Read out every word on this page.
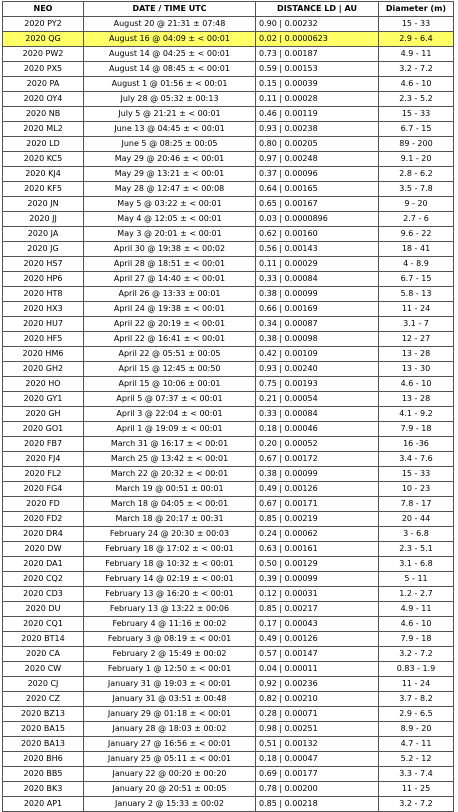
NEO	DATE / TIME UTC	DISTANCE LD | AU	Diameter (m)
2020 PY2	August 20 @ 21:31 ± 07:48	0.90 | 0.00232	15 - 33
2020 QG	August 16 @ 04:09 ± < 00:01	0.02 | 0.0000623	2.9 - 6.4
2020 PW2	August 14 @ 04:25 ± < 00:01	0.73 | 0.00187	4.9 - 11
2020 PX5	August 14 @ 08:45 ± < 00:01	0.59 | 0.00153	3.2 - 7.2
2020 PA	August 1 @ 01:56 ± < 00:01	0.15 | 0.00039	4.6 - 10
2020 OY4	July 28 @ 05:32 ± 00:13	0.11 | 0.00028	2.3 - 5.2
2020 NB	July 5 @ 21:21 ± < 00:01	0.46 | 0.00119	15 - 33
2020 ML2	June 13 @ 04:45 ± < 00:01	0.93 | 0.00238	6.7 - 15
2020 LD	June 5 @ 08:25 ± 00:05	0.80 | 0.00205	89 - 200
2020 KC5	May 29 @ 20:46 ± < 00:01	0.97 | 0.00248	9.1 - 20
2020 KJ4	May 29 @ 13:21 ± < 00:01	0.37 | 0.00096	2.8 - 6.2
2020 KF5	May 28 @ 12:47 ± < 00:08	0.64 | 0.00165	3.5 - 7.8
2020 JN	May 5 @ 03:22 ± < 00:01	0.65 | 0.00167	9 - 20
2020 JJ	May 4 @ 12:05 ± < 00:01	0.03 | 0.0000896	2.7 - 6
2020 JA	May 3 @ 20:01 ± < 00:01	0.62 | 0.00160	9.6 - 22
2020 JG	April 30 @ 19:38 ± < 00:02	0.56 | 0.00143	18 - 41
2020 HS7	April 28 @ 18:51 ± < 00:01	0.11 | 0.00029	4 - 8.9
2020 HP6	April 27 @ 14:40 ± < 00:01	0.33 | 0.00084	6.7 - 15
2020 HT8	April 26 @ 13:33 ± 00:01	0.38 | 0.00099	5.8 - 13
2020 HX3	April 24 @ 19:38 ± < 00:01	0.66 | 0.00169	11 - 24
2020 HU7	April 22 @ 20:19 ± < 00:01	0.34 | 0.00087	3.1 - 7
2020 HF5	April 22 @ 16:41 ± < 00:01	0.38 | 0.00098	12 - 27
2020 HM6	April 22 @ 05:51 ± 00:05	0.42 | 0.00109	13 - 28
2020 GH2	April 15 @ 12:45 ± 00:50	0.93 | 0.00240	13 - 30
2020 HO	April 15 @ 10:06 ± 00:01	0.75 | 0.00193	4.6 - 10
2020 GY1	April 5 @ 07:37 ± < 00:01	0.21 | 0.00054	13 - 28
2020 GH	April 3 @ 22:04 ± < 00:01	0.33 | 0.00084	4.1 - 9.2
2020 GO1	April 1 @ 19:09 ± < 00:01	0.18 | 0.00046	7.9 - 18
2020 FB7	March 31 @ 16:17 ± < 00:01	0.20 | 0.00052	16 -36
2020 FJ4	March 25 @ 13:42 ± < 00:01	0.67 | 0.00172	3.4 - 7.6
2020 FL2	March 22 @ 20:32 ± < 00:01	0.38 | 0.00099	15 - 33
2020 FG4	March 19 @ 00:51 ± 00:01	0.49 | 0.00126	10 - 23
2020 FD	March 18 @ 04:05 ± < 00:01	0.67 | 0.00171	7.8 - 17
2020 FD2	March 18 @ 20:17 ± 00:31	0.85 | 0.00219	20 - 44
2020 DR4	February 24 @ 20:30 ± 00:03	0.24 | 0.00062	3 - 6.8
2020 DW	February 18 @ 17:02 ± < 00:01	0.63 | 0.00161	2.3 - 5.1
2020 DA1	February 18 @ 10:32 ± < 00:01	0.50 | 0.00129	3.1 - 6.8
2020 CQ2	February 14 @ 02:19 ± < 00:01	0.39 | 0.00099	5 - 11
2020 CD3	February 13 @ 16:20 ± < 00:01	0.12 | 0.00031	1.2 - 2.7
2020 DU	February 13 @ 13:22 ± 00:06	0.85 | 0.00217	4.9 - 11
2020 CQ1	February 4 @ 11:16 ± 00:02	0.17 | 0.00043	4.6 - 10
2020 BT14	February 3 @ 08:19 ± < 00:01	0.49 | 0.00126	7.9 - 18
2020 CA	February 2 @ 15:49 ± 00:02	0.57 | 0.00147	3.2 - 7.2
2020 CW	February 1 @ 12:50 ± < 00:01	0.04 | 0.00011	0.83 - 1.9
2020 CJ	January 31 @ 19:03 ± < 00:01	0.92 | 0.00236	11 - 24
2020 CZ	January 31 @ 03:51 ± 00:48	0.82 | 0.00210	3.7 - 8.2
2020 BZ13	January 29 @ 01:18 ± < 00:01	0.28 | 0.00071	2.9 - 6.5
2020 BA15	January 28 @ 18:03 ± 00:02	0.98 | 0.00251	8.9 - 20
2020 BA13	January 27 @ 16:56 ± < 00:01	0.51 | 0.00132	4.7 - 11
2020 BH6	January 25 @ 05:11 ± < 00:01	0.18 | 0.00047	5.2 - 12
2020 BB5	January 22 @ 00:20 ± 00:20	0.69 | 0.00177	3.3 - 7.4
2020 BK3	January 20 @ 20:51 ± 00:05	0.78 | 0.00200	11 - 25
2020 AP1	January 2 @ 15:33 ± 00:02	0.85 | 0.00218	3.2 - 7.2
